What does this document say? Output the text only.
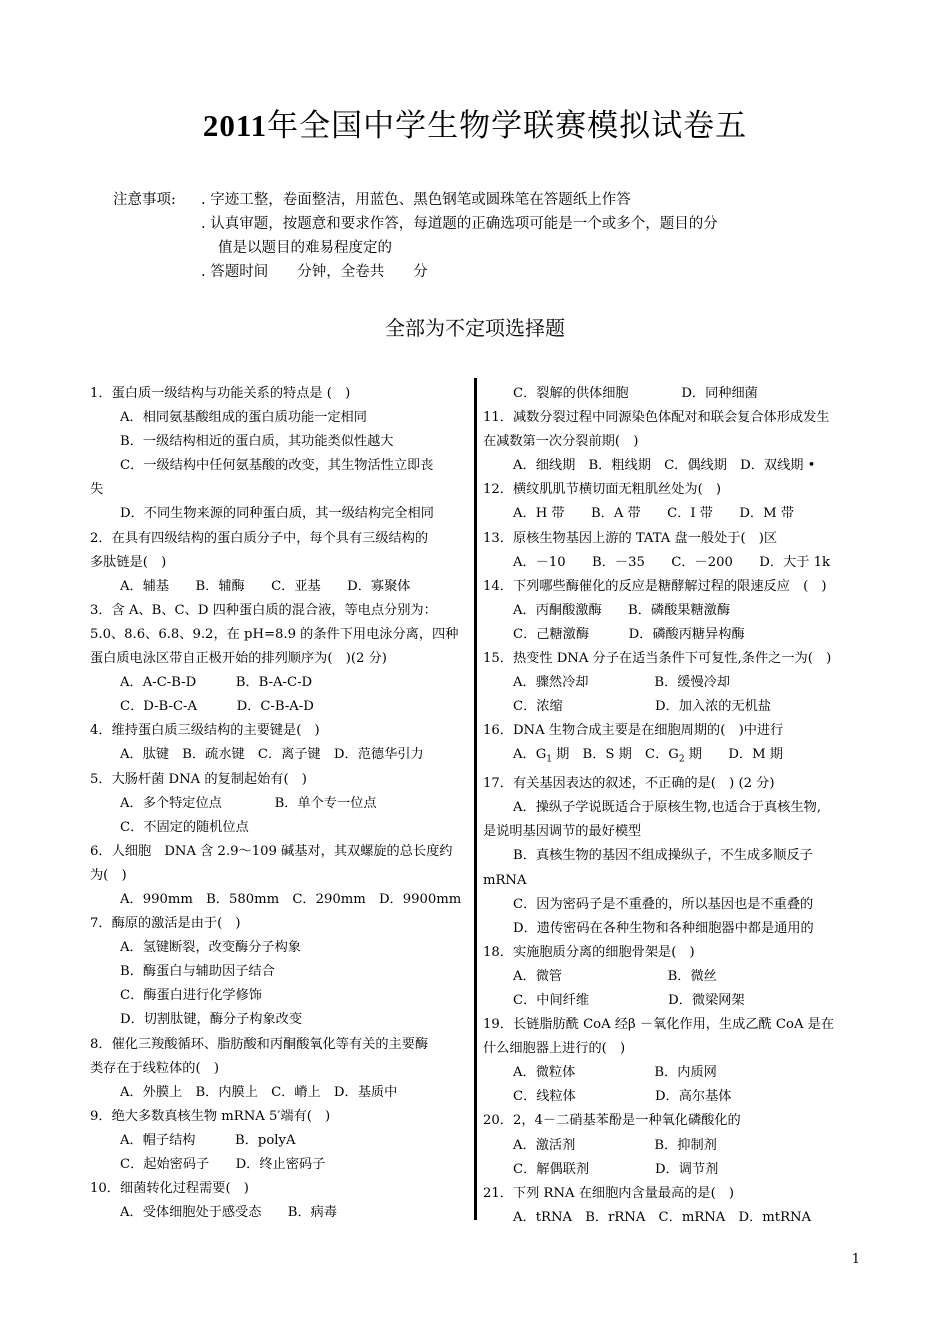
2011年全国中学生物学联赛模拟试卷五
注意事项: . 字迹工整，卷面整洁，用蓝色、黑色钢笔或圆珠笔在答题纸上作答
. 认真审题，按题意和要求作答，每道题的正确选项可能是一个或多个，题目的分
值是以题目的难易程度定的
. 答题时间　　分钟，全卷共　　分
全部为不定项选择题

1．蛋白质一级结构与功能关系的特点是 (　)

A．相同氨基酸组成的蛋白质功能一定相同

B．一级结构相近的蛋白质，其功能类似性越大

C．一级结构中任何氨基酸的改变，其生物活性立即丧

失

D．不同生物来源的同种蛋白质，其一级结构完全相同

2．在具有四级结构的蛋白质分子中，每个具有三级结构的

多肽链是(　)

A．辅基　　B．辅酶　　C．亚基　　D．寡聚体

3．含 A、B、C、D 四种蛋白质的混合液，等电点分别为：

5.0、8.6、6.8、9.2，在 pH=8.9 的条件下用电泳分离，四种

蛋白质电泳区带自正极开始的排列顺序为(　)(2 分)

A．A-C-B-D　　　B．B-A-C-D

C．D-B-C-A　　　D．C-B-A-D

4．维持蛋白质三级结构的主要键是(　)

A．肽键　B．疏水键　C．离子键　D．范德华引力

5．大肠杆菌 DNA 的复制起始有(　)

A．多个特定位点　　　　B．单个专一位点

C．不固定的随机位点

6．人细胞　DNA 含 2.9～109 碱基对，其双螺旋的总长度约

为(　)

A．990mm　B．580mm　C．290mm　D．9900mm

7．酶原的激活是由于(　)

A．氢键断裂，改变酶分子构象

B．酶蛋白与辅助因子结合

C．酶蛋白进行化学修饰

D．切割肽键，酶分子构象改变

8．催化三羧酸循环、脂肪酸和丙酮酸氧化等有关的主要酶

类存在于线粒体的(　)

A．外膜上　B．内膜上　C．嵴上　D．基质中

9．绝大多数真核生物 mRNA 5′端有(　)

A．帽子结构　　　B．polyA

C．起始密码子　　D．终止密码子

10．细菌转化过程需要(　)

A．受体细胞处于感受态　　B．病毒

C．裂解的供体细胞　　　　D．同种细菌

11．减数分裂过程中同源染色体配对和联会复合体形成发生

在减数第一次分裂前期(　)

A．细线期　B．粗线期　C．偶线期　D．双线期 •

12．横纹肌肌节横切面无粗肌丝处为(　)

A．H 带　　B．A 带　　C．I 带　　D．M 带

13．原核生物基因上游的 TATA 盘一般处于(　)区

A．－10　　B．－35　　C．－200　　D．大于 1k

14．下列哪些酶催化的反应是糖酵解过程的限速反应　(　)

A．丙酮酸激酶　　B．磷酸果糖激酶

C．己糖激酶　　　D．磷酸丙糖异构酶

15．热变性 DNA 分子在适当条件下可复性,条件之一为(　)

A．骤然冷却　　　　　B．缓慢冷却

C．浓缩　　　　　　　D．加入浓的无机盐

16．DNA 生物合成主要是在细胞周期的(　)中进行

A．$G_1$ 期　B．S 期　C．$G_2$ 期　　D．M 期

17．有关基因表达的叙述，不正确的是(　) (2 分)

A．操纵子学说既适合于原核生物,也适合于真核生物,

是说明基因调节的最好模型

B．真核生物的基因不组成操纵子，不生成多顺反子

mRNA

C．因为密码子是不重叠的，所以基因也是不重叠的

D．遗传密码在各种生物和各种细胞器中都是通用的

18．实施胞质分离的细胞骨架是(　)

A．微管　　　　　　　　B．微丝

C．中间纤维　　　　　　D．微梁网架

19．长链脂肪酰 CoA 经β －氧化作用，生成乙酰 CoA 是在

什么细胞器上进行的(　)

A．微粒体　　　　　　B．内质网

C．线粒体　　　　　　D．高尔基体

20．2，4－二硝基苯酚是一种氧化磷酸化的

A．激活剂　　　　　　B．抑制剂

C．解偶联剂　　　　　D．调节剂

21．下列 RNA 在细胞内含量最高的是(　)

A．tRNA　B．rRNA　C．mRNA　D．mtRNA

1
